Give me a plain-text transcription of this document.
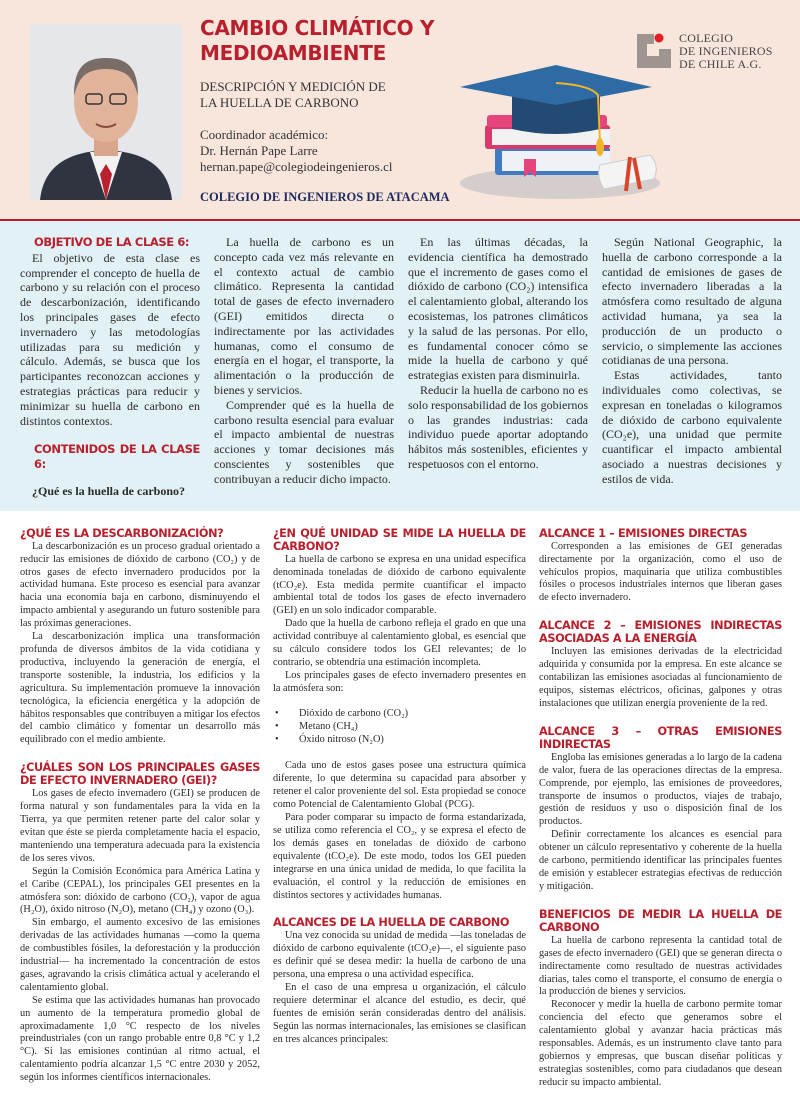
CAMBIO CLIMÁTICO Y
MEDIOAMBIENTE
DESCRIPCIÓN Y MEDICIÓN DE
LA HUELLA DE CARBONO
Coordinador académico:
Dr. Hernán Pape Larre
hernan.pape@colegiodeingenieros.cl
COLEGIO DE INGENIEROS DE ATACAMA
COLEGIO
DE INGENIEROS
DE CHILE A.G.
OBJETIVO DE LA CLASE 6:

El objetivo de esta clase es comprender el concepto de huella de carbono y su relación con el proceso de descarbonización, identificando los principales gases de efecto invernadero y las metodologías utilizadas para su medición y cálculo. Además, se busca que los participantes reconozcan acciones y estrategias prácticas para reducir y minimizar su huella de carbono en distintos contextos.

CONTENIDOS DE LA CLASE 6:
¿Qué es la huella de carbono?

La huella de carbono es un concepto cada vez más relevante en el contexto actual de cambio climático. Representa la cantidad total de gases de efecto invernadero (GEI) emitidos directa o indirectamente por las actividades humanas, como el consumo de energía en el hogar, el transporte, la alimentación o la producción de bienes y servicios.

Comprender qué es la huella de carbono resulta esencial para evaluar el impacto ambiental de nuestras acciones y tomar decisiones más conscientes y sostenibles que contribuyan a reducir dicho impacto.

En las últimas décadas, la evidencia científica ha demostrado que el incremento de gases como el dióxido de carbono (CO₂) intensifica el calentamiento global, alterando los ecosistemas, los patrones climáticos y la salud de las personas. Por ello, es fundamental conocer cómo se mide la huella de carbono y qué estrategias existen para disminuirla.

Reducir la huella de carbono no es solo responsabilidad de los gobiernos o las grandes industrias: cada individuo puede aportar adoptando hábitos más sostenibles, eficientes y respetuosos con el entorno.

Según National Geographic, la huella de carbono corresponde a la cantidad de emisiones de gases de efecto invernadero liberadas a la atmósfera como resultado de alguna actividad humana, ya sea la producción de un producto o servicio, o simplemente las acciones cotidianas de una persona.

Estas actividades, tanto individuales como colectivas, se expresan en toneladas o kilogramos de dióxido de carbono equivalente (CO₂e), una unidad que permite cuantificar el impacto ambiental asociado a nuestras decisiones y estilos de vida.

¿QUÉ ES LA DESCARBONIZACIÓN?

La descarbonización es un proceso gradual orientado a reducir las emisiones de dióxido de carbono (CO₂) y de otros gases de efecto invernadero producidos por la actividad humana. Este proceso es esencial para avanzar hacia una economía baja en carbono, disminuyendo el impacto ambiental y asegurando un futuro sostenible para las próximas generaciones.

La descarbonización implica una transformación profunda de diversos ámbitos de la vida cotidiana y productiva, incluyendo la generación de energía, el transporte sostenible, la industria, los edificios y la agricultura. Su implementación promueve la innovación tecnológica, la eficiencia energética y la adopción de hábitos responsables que contribuyen a mitigar los efectos del cambio climático y fomentar un desarrollo más equilibrado con el medio ambiente.

¿CUÁLES SON LOS PRINCIPALES GASES DE EFECTO INVERNADERO (GEI)?

Los gases de efecto invernadero (GEI) se producen de forma natural y son fundamentales para la vida en la Tierra, ya que permiten retener parte del calor solar y evitan que éste se pierda completamente hacia el espacio, manteniendo una temperatura adecuada para la existencia de los seres vivos.

Según la Comisión Económica para América Latina y el Caribe (CEPAL), los principales GEI presentes en la atmósfera son: dióxido de carbono (CO₂), vapor de agua (H₂O), óxido nitroso (N₂O), metano (CH₄) y ozono (O₃).

Sin embargo, el aumento excesivo de las emisiones derivadas de las actividades humanas —como la quema de combustibles fósiles, la deforestación y la producción industrial— ha incrementado la concentración de estos gases, agravando la crisis climática actual y acelerando el calentamiento global.

Se estima que las actividades humanas han provocado un aumento de la temperatura promedio global de aproximadamente 1,0 °C respecto de los niveles preindustriales (con un rango probable entre 0,8 °C y 1,2 °C). Si las emisiones continúan al ritmo actual, el calentamiento podría alcanzar 1,5 °C entre 2030 y 2052, según los informes científicos internacionales.

¿EN QUÉ UNIDAD SE MIDE LA HUELLA DE CARBONO?

La huella de carbono se expresa en una unidad específica denominada toneladas de dióxido de carbono equivalente (tCO₂e). Esta medida permite cuantificar el impacto ambiental total de todos los gases de efecto invernadero (GEI) en un solo indicador comparable.

Dado que la huella de carbono refleja el grado en que una actividad contribuye al calentamiento global, es esencial que su cálculo considere todos los GEI relevantes; de lo contrario, se obtendría una estimación incompleta.

Los principales gases de efecto invernadero presentes en la atmósfera son:

• Dióxido de carbono (CO₂)
• Metano (CH₄)
• Óxido nitroso (N₂O)

Cada uno de estos gases posee una estructura química diferente, lo que determina su capacidad para absorber y retener el calor proveniente del sol. Esta propiedad se conoce como Potencial de Calentamiento Global (PCG).

Para poder comparar su impacto de forma estandarizada, se utiliza como referencia el CO₂, y se expresa el efecto de los demás gases en toneladas de dióxido de carbono equivalente (tCO₂e). De este modo, todos los GEI pueden integrarse en una única unidad de medida, lo que facilita la evaluación, el control y la reducción de emisiones en distintos sectores y actividades humanas.

ALCANCES DE LA HUELLA DE CARBONO

Una vez conocida su unidad de medida —las toneladas de dióxido de carbono equivalente (tCO₂e)—, el siguiente paso es definir qué se desea medir: la huella de carbono de una persona, una empresa o una actividad específica.

En el caso de una empresa u organización, el cálculo requiere determinar el alcance del estudio, es decir, qué fuentes de emisión serán consideradas dentro del análisis. Según las normas internacionales, las emisiones se clasifican en tres alcances principales:

ALCANCE 1 – EMISIONES DIRECTAS

Corresponden a las emisiones de GEI generadas directamente por la organización, como el uso de vehículos propios, maquinaria que utiliza combustibles fósiles o procesos industriales internos que liberan gases de efecto invernadero.

ALCANCE 2 – EMISIONES INDIRECTAS ASOCIADAS A LA ENERGÍA

Incluyen las emisiones derivadas de la electricidad adquirida y consumida por la empresa. En este alcance se contabilizan las emisiones asociadas al funcionamiento de equipos, sistemas eléctricos, oficinas, galpones y otras instalaciones que utilizan energía proveniente de la red.

ALCANCE 3 – OTRAS EMISIONES INDIRECTAS

Engloba las emisiones generadas a lo largo de la cadena de valor, fuera de las operaciones directas de la empresa. Comprende, por ejemplo, las emisiones de proveedores, transporte de insumos o productos, viajes de trabajo, gestión de residuos y uso o disposición final de los productos.

Definir correctamente los alcances es esencial para obtener un cálculo representativo y coherente de la huella de carbono, permitiendo identificar las principales fuentes de emisión y establecer estrategias efectivas de reducción y mitigación.

BENEFICIOS DE MEDIR LA HUELLA DE CARBONO

La huella de carbono representa la cantidad total de gases de efecto invernadero (GEI) que se generan directa o indirectamente como resultado de nuestras actividades diarias, tales como el transporte, el consumo de energía o la producción de bienes y servicios.

Reconocer y medir la huella de carbono permite tomar conciencia del efecto que generamos sobre el calentamiento global y avanzar hacia prácticas más responsables. Además, es un instrumento clave tanto para gobiernos y empresas, que buscan diseñar políticas y estrategias sostenibles, como para ciudadanos que desean reducir su impacto ambiental.
